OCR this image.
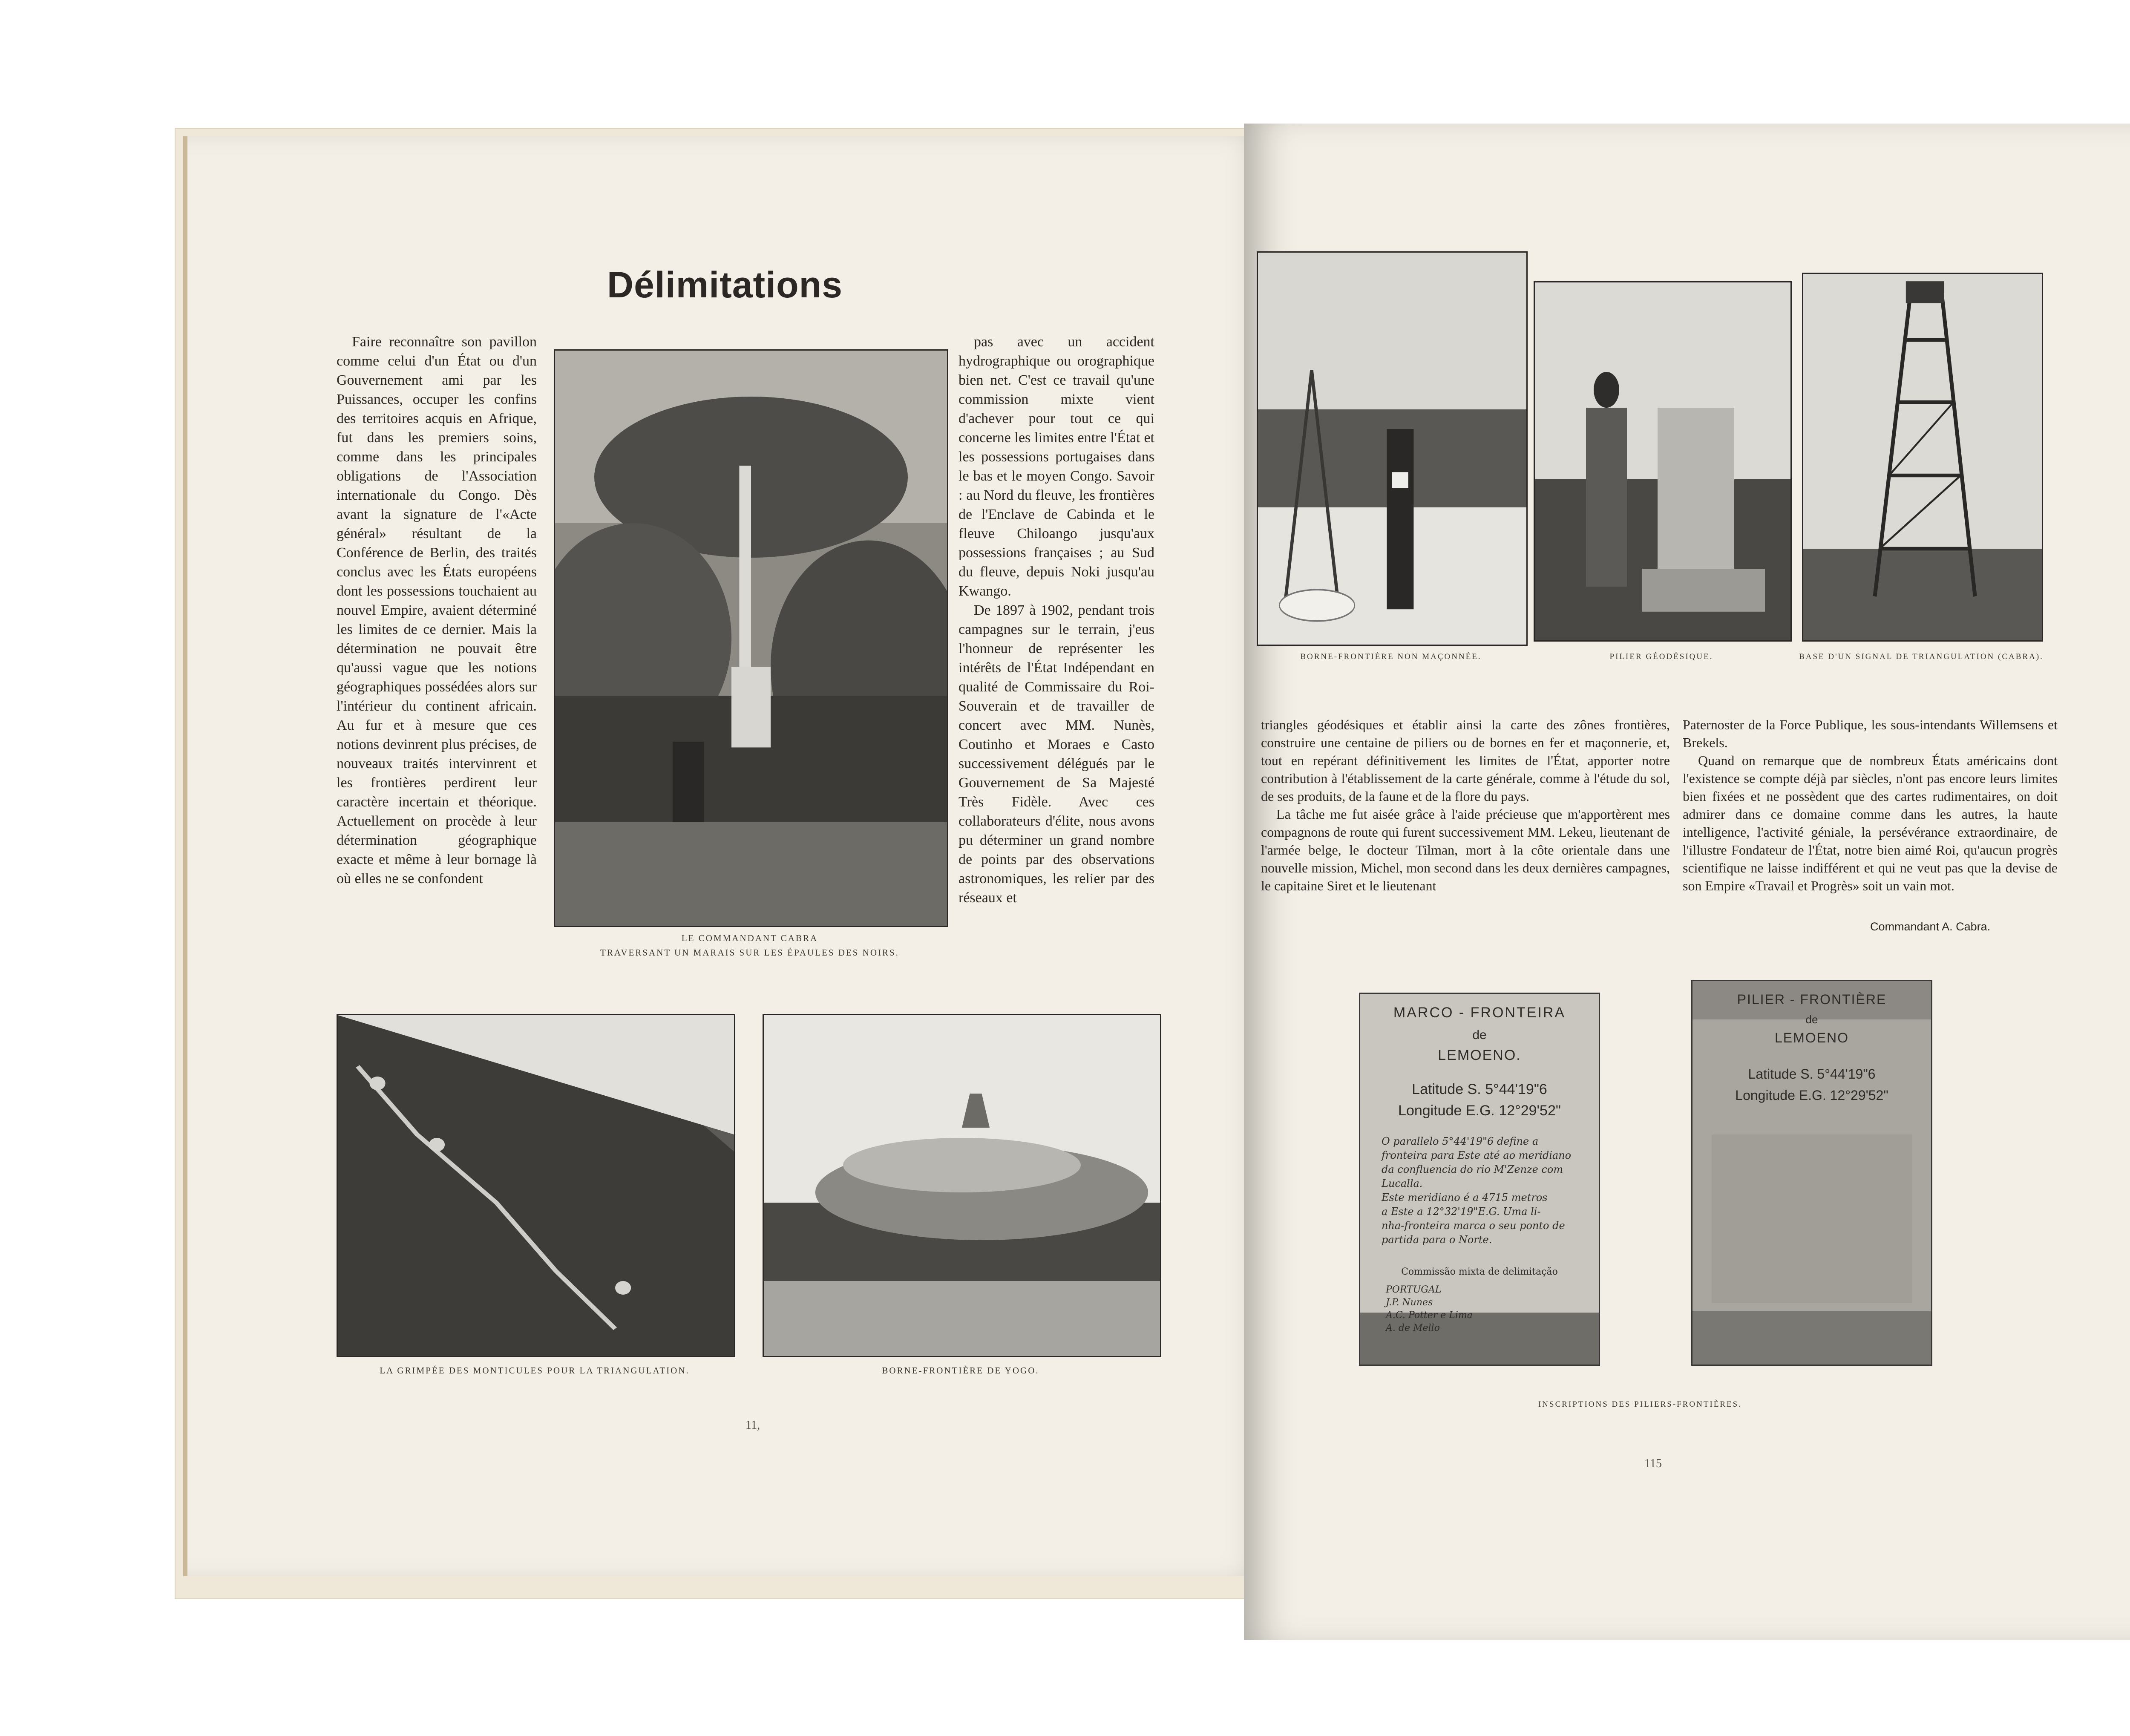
Délimitations

Faire reconnaître son pavillon comme celui d'un État ou d'un Gouvernement ami par les Puissances, occuper les confins des territoires acquis en Afrique, fut dans les premiers soins, comme dans les principales obligations de l'Association internationale du Congo. Dès avant la signature de l'«Acte général» résultant de la Conférence de Berlin, des traités conclus avec les États européens dont les possessions touchaient au nouvel Empire, avaient déterminé les limites de ce dernier. Mais la détermination ne pouvait être qu'aussi vague que les notions géographiques possédées alors sur l'intérieur du continent africain. Au fur et à mesure que ces notions devinrent plus précises, de nouveaux traités intervinrent et les frontières perdirent leur caractère incertain et théorique. Actuellement on procède à leur détermination géographique exacte et même à leur bornage là où elles ne se confondent

pas avec un accident hydrographique ou orographique bien net. C'est ce travail qu'une commission mixte vient d'achever pour tout ce qui concerne les limites entre l'État et les possessions portugaises dans le bas et le moyen Congo. Savoir : au Nord du fleuve, les frontières de l'Enclave de Cabinda et le fleuve Chiloango jusqu'aux possessions françaises ; au Sud du fleuve, depuis Noki jusqu'au Kwango.

De 1897 à 1902, pendant trois campagnes sur le terrain, j'eus l'honneur de représenter les intérêts de l'État Indépendant en qualité de Commissaire du Roi-Souverain et de travailler de concert avec MM. Nunès, Coutinho et Moraes e Casto successivement délégués par le Gouvernement de Sa Majesté Très Fidèle. Avec ces collaborateurs d'élite, nous avons pu déterminer un grand nombre de points par des observations astronomiques, les relier par des réseaux et

LE COMMANDANT CABRA
TRAVERSANT UN MARAIS SUR LES ÉPAULES DES NOIRS.
LA GRIMPÉE DES MONTICULES POUR LA TRIANGULATION.	BORNE-FRONTIÈRE DE YOGO.
11,
BORNE-FRONTIÈRE NON MAÇONNÉE.	PILIER GÉODÉSIQUE.	BASE D'UN SIGNAL DE TRIANGULATION (CABRA).

triangles géodésiques et établir ainsi la carte des zônes frontières, construire une centaine de piliers ou de bornes en fer et maçonnerie, et, tout en repérant définitivement les limites de l'État, apporter notre contribution à l'établissement de la carte générale, comme à l'étude du sol, de ses produits, de la faune et de la flore du pays.

La tâche me fut aisée grâce à l'aide précieuse que m'apportèrent mes compagnons de route qui furent successivement MM. Lekeu, lieutenant de l'armée belge, le docteur Tilman, mort à la côte orientale dans une nouvelle mission, Michel, mon second dans les deux dernières campagnes, le capitaine Siret et le lieutenant

Paternoster de la Force Publique, les sous-intendants Willemsens et Brekels.

Quand on remarque que de nombreux États américains dont l'existence se compte déjà par siècles, n'ont pas encore leurs limites bien fixées et ne possèdent que des cartes rudimentaires, on doit admirer dans ce domaine comme dans les autres, la haute intelligence, l'activité géniale, la persévérance extraordinaire, de l'illustre Fondateur de l'État, notre bien aimé Roi, qu'aucun progrès scientifique ne laisse indifférent et qui ne veut pas que la devise de son Empire «Travail et Progrès» soit un vain mot.

Commandant A. Cabra.
MARCO - FRONTEIRA
de
LEMOENO.
Latitude S. 5°44'19"6
Longitude E.G. 12°29'52"
O parallelo 5°44'19"6 define a
fronteira para Este até ao meridiano
da confluencia do rio M'Zenze com
Lucalla.
Este meridiano é a 4715 metros
a Este a 12°32'19"E.G. Uma li-
nha-fronteira marca o seu ponto de
partida para o Norte.
Commissão mixta de delimitação
PORTUGAL
J.P. Nunes
A.C. Potter e Lima
A. de Mello
PILIER - FRONTIÈRE
de
LEMOENO
Latitude S. 5°44'19"6
Longitude E.G. 12°29'52"
INSCRIPTIONS DES PILIERS-FRONTIÈRES.
115
